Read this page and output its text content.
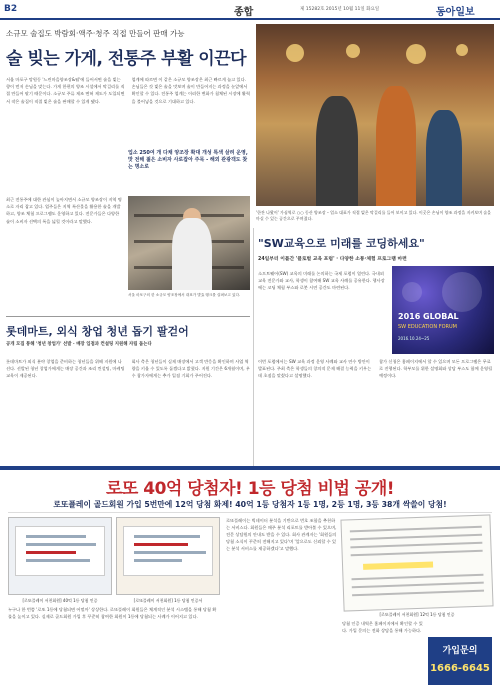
B2	종합	제 15282호 2015년 10월 11일 화요일	동아일보
소규모 술집도 박람회·액주·청주 직접 만들어 판매 가능
술 빚는 가게, 전통주 부활 이끈다
서울 마포구 망원동 '느린마을양조장&펍'에 들어서면 술을 빚는 향이 먼저 손님을 맞는다. 가게 한편의 양조 시설에서 막걸리를 직접 만들어 팔기 때문이다. 소규모 주류 제조 면허 제도가 도입되면서 작은 술집이 직접 빚은 술을 판매할 수 있게 됐다.
업계에 따르면 이 같은 소규모 양조장은 최근 빠르게 늘고 있다. 손님들은 갓 빚은 술을 맛보며 술이 만들어지는 과정을 눈앞에서 확인할 수 있다. 전통주 업계는 이러한 변화가 침체된 시장에 활력을 불어넣을 것으로 기대하고 있다.
업소 250여 개 다채 양조장 확대 개성 특색 살려 운영, 맛 전해 젊은 소비자 사로잡아 주목 - 해외 관광객도 찾는 명소로
'한잔 나왔어' 가심역로 ○○ 동산 양조장 – 업소 대표가 직접 빚은 막걸리를 들어 보이고 있다. 이곳은 손님이 양조 과정을 지켜보며 술을 마실 수 있는 공간으로 꾸며졌다.
최근 전통주에 대한 관심이 높아지면서 소규모 양조장이 지역 명소로 자리 잡고 있다. 업주들은 지역 특산물을 활용한 술을 개발하고, 양조 체험 프로그램도 운영하고 있다. 전문가들은 다양한 술이 소비자 선택의 폭을 넓힐 것이라고 말했다.
서울 마포구의 한 소규모 양조장에서 대표가 발효 탱크를 살펴보고 있다.
롯데마트, 외식 창업 청년 돕기 팔걷어
공개 모집 통해 '청년 창업가' 선발 · 매장 입점과 컨설팅 지원해 자립 돕는다
롯데마트가 외식 분야 창업을 준비하는 청년들을 위해 지원에 나선다. 선발된 청년 창업가에게는 매장 공간과 조리 컨설팅, 마케팅 교육이 제공된다.
회사 측은 청년들이 실제 매장에서 고객 반응을 확인하며 사업 역량을 키울 수 있도록 돕겠다고 밝혔다. 지원 기간은 6개월이며, 우수 참가자에게는 추가 입점 기회가 주어진다.
"SW교육으로 미래를 코딩하세요"
24일부터 이틀간 '클로벌 교육 포럼' · 다양한 소통·체험 프로그램 마련
소프트웨어(SW) 교육의 미래를 논의하는 국제 포럼이 열린다. 국내외 교육 전문가와 교사, 학생이 참여해 SW 교육 사례를 공유한다. 행사장에는 코딩 체험 부스와 로봇 시연 공간도 마련된다.
2016 GLOBAL
SW EDUCATION FORUM
2016.10.24~25
이번 포럼에서는 SW 교육 과정 운영 사례와 교사 연수 방안이 발표된다. 주최 측은 학생들의 창의적 문제 해결 능력을 키우는 데 초점을 맞췄다고 설명했다.
참가 신청은 홈페이지에서 할 수 있으며 모든 프로그램은 무료로 진행된다. 학부모를 위한 설명회와 상담 부스도 함께 운영될 예정이다.
로또 40억 당첨자! 1등 당첨 비법 공개!
로또플레이 골드회원 가입 5번만에 12억 당첨 화제! 40억 1등 당첨자 1등 1명, 2등 1명, 3등 38개 싹쓸이 당첨!
[로또플레이 서천회원] 40억 1등 당첨 인증	[로또플레이 서천회원] 1등 당첨 인증서
누구나 한 번쯤 '로또 1등에 당첨되면 어떨까' 상상한다. 로또플레이 회원들은 체계적인 분석 시스템을 통해 당첨 확률을 높이고 있다. 실제로 골드회원 가입 후 꾸준히 참여한 회원이 1등에 당첨되는 사례가 이어지고 있다.
로또플레이는 빅데이터 분석을 기반으로 번호 조합을 추천하는 서비스다. 회원들은 매주 분석 리포트를 받아볼 수 있으며, 전문 상담원의 안내도 받을 수 있다. 회사 관계자는 '회원들의 당첨 소식이 꾸준히 전해지고 있다'며 '앞으로도 신뢰할 수 있는 분석 서비스를 제공하겠다'고 말했다.
[로또플레이 서천회원] 12억 1등 당첨 인증
당첨 인증 내역은 홈페이지에서 확인할 수 있다. 가입 문의는 전화 상담을 통해 가능하다.
가입문의
1666-6645
